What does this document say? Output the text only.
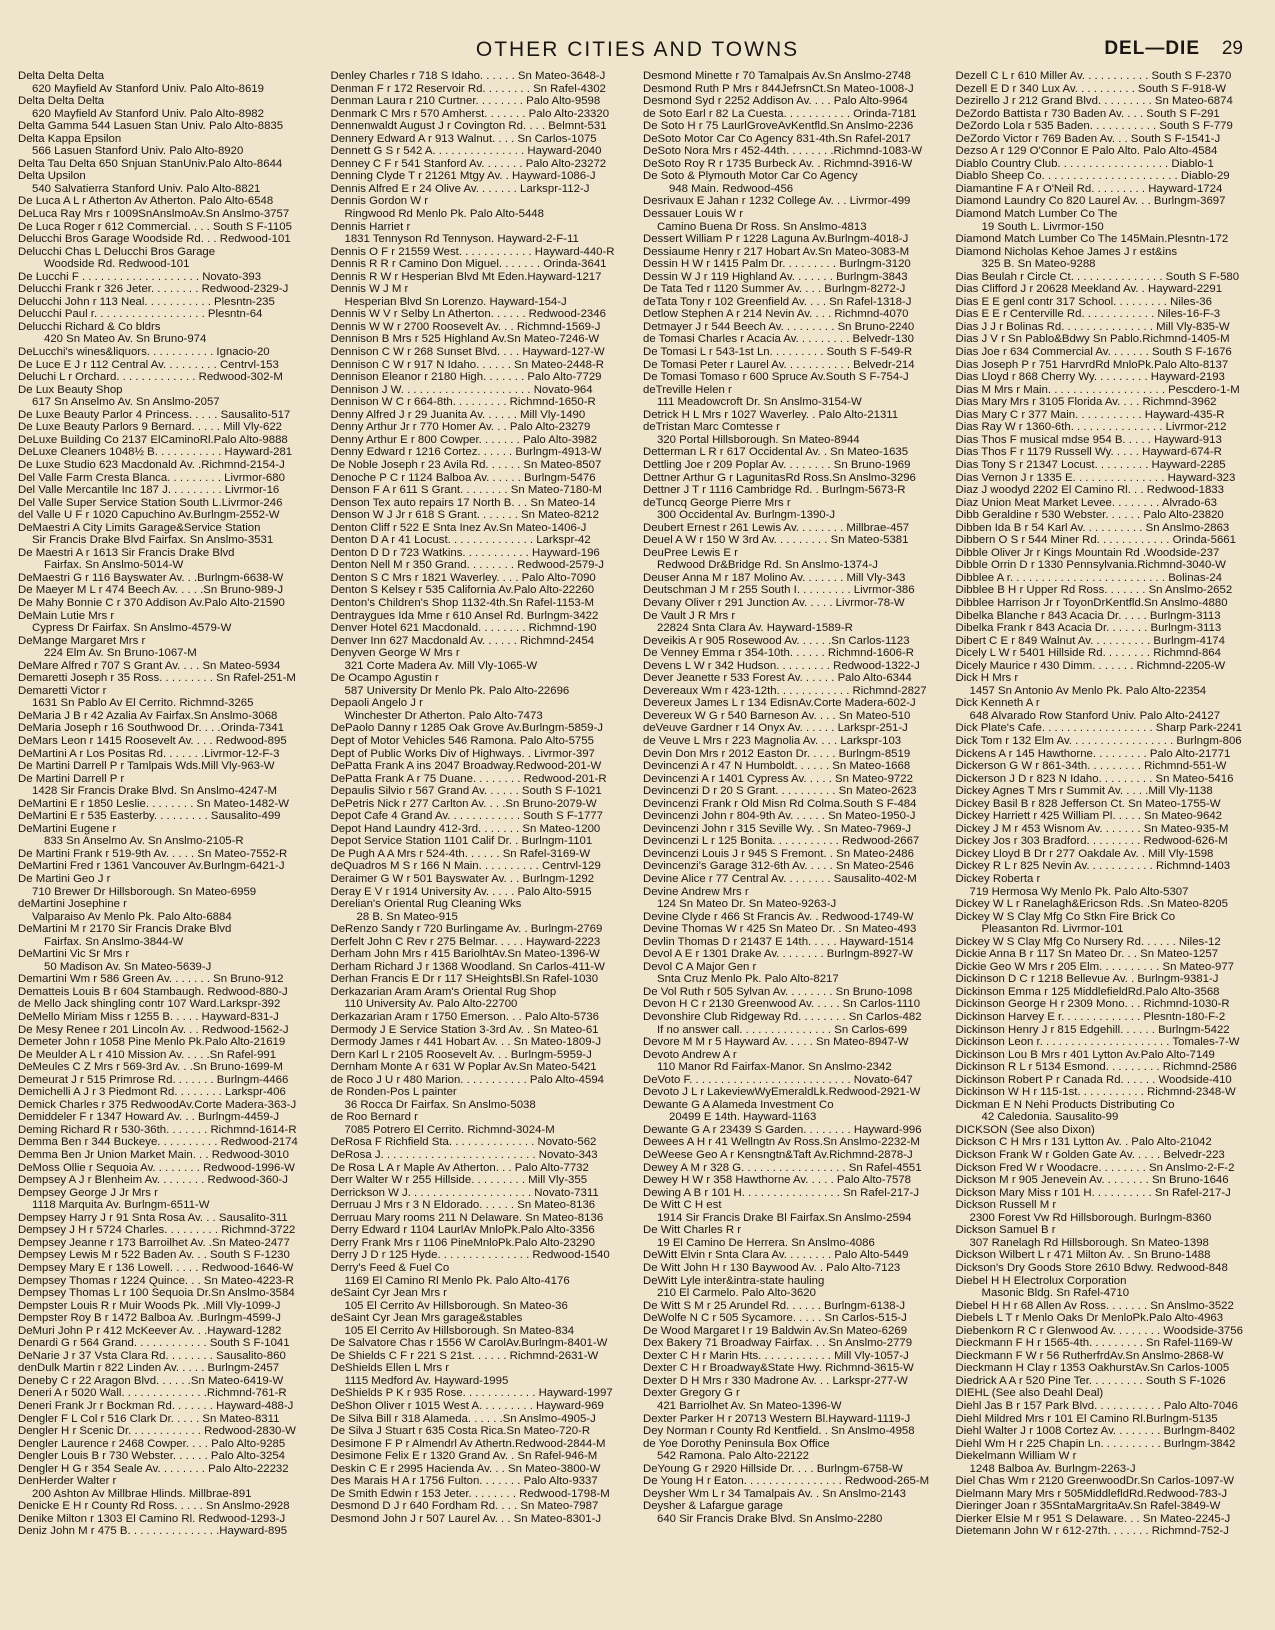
OTHER CITIES AND TOWNS	DEL—DIE 29
Delta Delta Delta
620 Mayfield Av Stanford Univ. Palo Alto-8619
Delta Delta Delta
620 Mayfield Av Stanford Univ. Palo Alto-8982
Delta Gamma 544 Lasuen Stan Univ. Palo Alto-8835
Delta Kappa Epsilon
566 Lasuen Stanford Univ. Palo Alto-8920
Delta Tau Delta 650 Snjuan StanUniv.Palo Alto-8644
Delta Upsilon
540 Salvatierra Stanford Univ. Palo Alto-8821
De Luca A L r Atherton Av Atherton. Palo Alto-6548
DeLuca Ray Mrs r 1009SnAnslmoAv.Sn Anslmo-3757
De Luca Roger r 612 Commercial. . . . South S F-1105
Delucchi Bros Garage Woodside Rd. . . Redwood-101
Delucchi Chas L Delucchi Bros Garage
Woodside Rd. Redwood-101
De Lucchi F . . . . . . . . . . . . . . . . . . . Novato-393
Delucchi Frank r 326 Jeter. . . . . . . . Redwood-2329-J
Delucchi John r 113 Neal. . . . . . . . . . . Plesntn-235
Delucchi Paul r. . . . . . . . . . . . . . . . . . Plesntn-64
Delucchi Richard & Co bldrs
420 Sn Mateo Av. Sn Bruno-974
DeLucchi's wines&liquors. . . . . . . . . . . Ignacio-20
De Luce E J r 112 Central Av. . . . . . . . . Centrvl-153
Deluchi L r Orchard. . . . . . . . . . . . . Redwood-302-M
De Lux Beauty Shop
617 Sn Anselmo Av. Sn Anslmo-2057
De Luxe Beauty Parlor 4 Princess. . . . . Sausalito-517
De Luxe Beauty Parlors 9 Bernard. . . . . Mill Vly-622
DeLuxe Building Co 2137 ElCaminoRl.Palo Alto-9888
DeLuxe Cleaners 1048½ B. . . . . . . . . . . Hayward-281
De Luxe Studio 623 Macdonald Av. .Richmnd-2154-J
Del Valle Farm Cresta Blanca. . . . . . . . . Livrmor-680
Del Valle Mercantile Inc 187 J. . . . . . . . . Livrmor-16
Del Valle Super Service Station South L.Livrmor-246
del Valle U F r 1020 Capuchino Av.Burlngm-2552-W
DeMaestri A City Limits Garage&Service Station
Sir Francis Drake Blvd Fairfax. Sn Anslmo-3531
De Maestri A r 1613 Sir Francis Drake Blvd
Fairfax. Sn Anslmo-5014-W
DeMaestri G r 116 Bayswater Av. . .Burlngm-6638-W
De Maeyer M L r 474 Beech Av. . . . .Sn Bruno-989-J
De Mahy Bonnie C r 370 Addison Av.Palo Alto-21590
DeMain Lutie Mrs r
Cypress Dr Fairfax. Sn Anslmo-4579-W
DeMange Margaret Mrs r
224 Elm Av. Sn Bruno-1067-M
DeMare Alfred r 707 S Grant Av. . . . Sn Mateo-5934
Demaretti Joseph r 35 Ross. . . . . . . . . Sn Rafel-251-M
Demaretti Victor r
1631 Sn Pablo Av El Cerrito. Richmnd-3265
DeMaria J B r 42 Azalia Av Fairfax.Sn Anslmo-3068
DeMaria Joseph r 16 Southwood Dr. . . .Orinda-7341
DeMars Leon r 1415 Roosevelt Av. . . . Redwood-895
DeMartini A r Los Positas Rd. . . . . . .Livrmor-12-F-3
De Martini Darrell P r Tamlpais Wds.Mill Vly-963-W
De Martini Darrell P r
1428 Sir Francis Drake Blvd. Sn Anslmo-4247-M
DeMartini E r 1850 Leslie. . . . . . . . Sn Mateo-1482-W
DeMartini E r 535 Easterby. . . . . . . . . Sausalito-499
DeMartini Eugene r
833 Sn Anselmo Av. Sn Anslmo-2105-R
De Martini Frank r 519-9th Av. . . . . Sn Mateo-7552-R
DeMartini Fred r 1361 Vancouver Av.Burlngm-6421-J
De Martini Geo J r
710 Brewer Dr Hillsborough. Sn Mateo-6959
deMartini Josephine r
Valparaiso Av Menlo Pk. Palo Alto-6884
DeMartini M r 2170 Sir Francis Drake Blvd
Fairfax. Sn Anslmo-3844-W
DeMartini Vic Sr Mrs r
50 Madison Av. Sn Mateo-5639-J
Demartini Wm r 586 Green Av. . . . . . . Sn Bruno-912
Dematteis Louis B r 604 Stambaugh. Redwood-880-J
de Mello Jack shingling contr 107 Ward.Larkspr-392
DeMello Miriam Miss r 1255 B. . . . . Hayward-831-J
De Mesy Renee r 201 Lincoln Av. . . Redwood-1562-J
Demeter John r 1058 Pine Menlo Pk.Palo Alto-21619
De Meulder A L r 410 Mission Av. . . . .Sn Rafel-991
DeMeules C Z Mrs r 569-3rd Av. . .Sn Bruno-1699-M
Demeurat J r 515 Primrose Rd. . . . . . . Burlngm-4466
Demichelli A J r 3 Piedmont Rd. . . . . . . . Larkspr-406
Demick Charles r 375 RedwoodAv.Corte Madera-363-J
Demiddeler F r 1347 Howard Av. . . Burlngm-4459-J
Deming Richard R r 530-36th. . . . . . . Richmnd-1614-R
Demma Ben r 344 Buckeye. . . . . . . . . . Redwood-2174
Demma Ben Jr Union Market Main. . . Redwood-3010
DeMoss Ollie r Sequoia Av. . . . . . . . Redwood-1996-W
Dempsey A J r Blenheim Av. . . . . . . . Redwood-360-J
Dempsey George J Jr Mrs r
1118 Marquita Av. Burlngm-6511-W
Dempsey Harry J r 91 Snta Rosa Av. . . Sausalito-311
Dempsey J H r 5724 Charles. . . . . . . . . Richmnd-3722
Dempsey Jeanne r 173 Barroilhet Av. .Sn Mateo-2477
Dempsey Lewis M r 522 Baden Av. . . South S F-1230
Dempsey Mary E r 136 Lowell. . . . . Redwood-1646-W
Dempsey Thomas r 1224 Quince. . . Sn Mateo-4223-R
Dempsey Thomas L r 100 Sequoia Dr.Sn Anslmo-3584
Dempster Louis R r Muir Woods Pk. .Mill Vly-1099-J
Dempster Roy B r 1472 Balboa Av. .Burlngm-4599-J
DeMuri John P r 412 McKeever Av. . .Hayward-1282
Denardi G r 564 Grand. . . . . . . . . . . . South S F-1041
DeNarie J r 37 Vsta Clara Rd. . . . . . . . Sausalito-860
denDulk Martin r 822 Linden Av. . . . . Burlngm-2457
Deneby C r 22 Aragon Blvd. . . . . .Sn Mateo-6419-W
Deneri A r 5020 Wall. . . . . . . . . . . . . .Richmnd-761-R
Deneri Frank Jr r Bockman Rd. . . . . . . Hayward-488-J
Dengler F L Col r 516 Clark Dr. . . . . Sn Mateo-8311
Dengler H r Scenic Dr. . . . . . . . . . . . Redwood-2830-W
Dengler Laurence r 2468 Cowper. . . . Palo Alto-9285
Dengler Louis B r 730 Webster. . . . . . Palo Alto-3254
Dengler H G r 354 Seale Av. . . . . . . . Palo Alto-22232
DenHerder Walter r
200 Ashton Av Millbrae Hlinds. Millbrae-891
Denicke E H r County Rd Ross. . . . . Sn Anslmo-2928
Denike Milton r 1303 El Camino Rl. Redwood-1293-J
Deniz John M r 475 B. . . . . . . . . . . . . . .Hayward-895
Denley Charles r 718 S Idaho. . . . . . Sn Mateo-3648-J
Denman F r 172 Reservoir Rd. . . . . . . . Sn Rafel-4302
Denman Laura r 210 Curtner. . . . . . . . Palo Alto-9598
Denmark C Mrs r 570 Amherst. . . . . . . Palo Alto-23320
Dennenwaldt August J r Covington Rd. . . . Belmnt-531
Dennery Edward A r 913 Walnut. . . . Sn Carlos-1075
Dennett G S r 542 A. . . . . . . . . . . . . . . Hayward-2040
Denney C F r 541 Stanford Av. . . . . . . Palo Alto-23272
Denning Clyde T r 21261 Mtgy Av. . Hayward-1086-J
Dennis Alfred E r 24 Olive Av. . . . . . . Larkspr-112-J
Dennis Gordon W r
Ringwood Rd Menlo Pk. Palo Alto-5448
Dennis Harriet r
1831 Tennyson Rd Tennyson. Hayward-2-F-11
Dennis O F r 21559 West. . . . . . . . . . . . Hayward-440-R
Dennis R R r Camino Don Miguel. . . . . . . Orinda-3641
Dennis R W r Hesperian Blvd Mt Eden.Hayward-1217
Dennis W J M r
Hesperian Blvd Sn Lorenzo. Hayward-154-J
Dennis W V r Selby Ln Atherton. . . . . . Redwood-2346
Dennis W W r 2700 Roosevelt Av. . . Richmnd-1569-J
Dennison B Mrs r 525 Highland Av.Sn Mateo-7246-W
Dennison C W r 268 Sunset Blvd. . . . Hayward-127-W
Dennison C W r 917 N Idaho. . . . . . Sn Mateo-2448-R
Dennison Eleanor r 2180 High. . . . . . . Palo Alto-7729
Dennison J W. . . . . . . . . . . . . . . . . . . . . Novato-964
Dennison W C r 664-8th. . . . . . . . . Richmnd-1650-R
Denny Alfred J r 29 Juanita Av. . . . . . Mill Vly-1490
Denny Arthur Jr r 770 Homer Av. . . Palo Alto-23279
Denny Arthur E r 800 Cowper. . . . . . . Palo Alto-3982
Denny Edward r 1216 Cortez. . . . . . Burlngm-4913-W
De Noble Joseph r 23 Avila Rd. . . . . . Sn Mateo-8507
Denoche P C r 1124 Balboa Av. . . . . . Burlngm-5476
Denson F A r 611 S Grant. . . . . . . . Sn Mateo-7180-M
Denson Tex auto repairs 17 North B. . . Sn Mateo-14
Denson W J Jr r 618 S Grant. . . . . . . Sn Mateo-8212
Denton Cliff r 522 E Snta Inez Av.Sn Mateo-1406-J
Denton D A r 41 Locust. . . . . . . . . . . . . . Larkspr-42
Denton D D r 723 Watkins. . . . . . . . . . . Hayward-196
Denton Nell M r 350 Grand. . . . . . . . Redwood-2579-J
Denton S C Mrs r 1821 Waverley. . . . Palo Alto-7090
Denton S Kelsey r 535 California Av.Palo Alto-22260
Denton's Children's Shop 1132-4th.Sn Rafel-1153-M
Dentraygues Ida Mme r 610 Ansel Rd. Burlngm-3422
Denver Hotel 621 Macdonald. . . . . . . . Richmnd-190
Denver Inn 627 Macdonald Av. . . . . . Richmnd-2454
Denyven George W Mrs r
321 Corte Madera Av. Mill Vly-1065-W
De Ocampo Agustin r
587 University Dr Menlo Pk. Palo Alto-22696
Depaoli Angelo J r
Winchester Dr Atherton. Palo Alto-7473
DePaolo Danny r 1285 Oak Grove Av.Burlngm-5859-J
Dept of Motor Vehicles 546 Ramona. Palo Alto-5755
Dept of Public Works Div of Highways. . Livrmor-397
DePatta Frank A ins 2047 Broadway.Redwood-201-W
DePatta Frank A r 75 Duane. . . . . . . . Redwood-201-R
Depaulis Silvio r 567 Grand Av. . . . . . South S F-1021
DePetris Nick r 277 Carlton Av. . . .Sn Bruno-2079-W
Depot Cafe 4 Grand Av. . . . . . . . . . . . South S F-1777
Depot Hand Laundry 412-3rd. . . . . . . Sn Mateo-1200
Depot Service Station 1101 Calif Dr. . Burlngm-1101
De Pugh A A Mrs r 524-4th. . . . . . Sn Rafel-3169-W
deQuadros M S r 166 N Main. . . . . . . . . . Centrvl-129
Deraimer G W r 501 Bayswater Av. . . Burlngm-1292
Deray E V r 1914 University Av. . . . . Palo Alto-5915
Derelian's Oriental Rug Cleaning Wks
28 B. Sn Mateo-915
DeRenzo Sandy r 720 Burlingame Av. . Burlngm-2769
Derfelt John C Rev r 275 Belmar. . . . . Hayward-2223
Derham John Mrs r 415 BariolhtAv.Sn Mateo-1396-W
Derham Richard J r 1368 Woodland. Sn Carlos-411-W
Derhan Francis E Dr r 117 SHeightsBl.Sn Rafel-1030
Derkazarian Aram Aram's Oriental Rug Shop
110 University Av. Palo Alto-22700
Derkazarian Aram r 1750 Emerson. . . Palo Alto-5736
Dermody J E Service Station 3-3rd Av. . Sn Mateo-61
Dermody James r 441 Hobart Av. . . Sn Mateo-1809-J
Dern Karl L r 2105 Roosevelt Av. . . Burlngm-5959-J
Dernham Monte A r 631 W Poplar Av.Sn Mateo-5421
de Roco J U r 480 Marion. . . . . . . . . . . Palo Alto-4594
de Ronden-Pos L painter
36 Rocca Dr Fairfax. Sn Anslmo-5038
de Roo Bernard r
7085 Potrero El Cerrito. Richmnd-3024-M
DeRosa F Richfield Sta. . . . . . . . . . . . . . Novato-562
DeRosa J. . . . . . . . . . . . . . . . . . . . . . . . . Novato-343
De Rosa L A r Maple Av Atherton. . . Palo Alto-7732
Derr Walter W r 255 Hillside. . . . . . . . . Mill Vly-355
Derrickson W J. . . . . . . . . . . . . . . . . . . . Novato-7311
Derruau J Mrs r 3 N Eldorado. . . . . . Sn Mateo-8136
Derruau Mary rooms 211 N Delaware. Sn Mateo-8136
Derry Edward r 1104 LaurlAv MnloPk.Palo Alto-3356
Derry Frank Mrs r 1106 PineMnloPk.Palo Alto-23290
Derry J D r 125 Hyde. . . . . . . . . . . . . . . Redwood-1540
Derry's Feed & Fuel Co
1169 El Camino Rl Menlo Pk. Palo Alto-4176
deSaint Cyr Jean Mrs r
105 El Cerrito Av Hillsborough. Sn Mateo-36
deSaint Cyr Jean Mrs garage&stables
105 El Cerrito Av Hillsborough. Sn Mateo-834
De Salvatore Chas r 1556 W CarolAv.Burlngm-8401-W
De Shields C F r 221 S 21st. . . . . . Richmnd-2631-W
DeShields Ellen L Mrs r
1115 Medford Av. Hayward-1995
DeShields P K r 935 Rose. . . . . . . . . . . . Hayward-1997
DeShon Oliver r 1015 West A. . . . . . . . . Hayward-969
De Silva Bill r 318 Alameda. . . . . .Sn Anslmo-4905-J
De Silva J Stuart r 635 Costa Rica.Sn Mateo-720-R
Desimone F P r Almendrl Av Athertn.Redwood-2844-M
Desimone Felix E r 1320 Grand Av. . Sn Rafel-946-M
Deskin C E r 2995 Hacienda Av. . . Sn Mateo-3800-W
Des Marais H A r 1756 Fulton. . . . . . . Palo Alto-9337
De Smith Edwin r 153 Jeter. . . . . . . . Redwood-1798-M
Desmond D J r 640 Fordham Rd. . . . Sn Mateo-7987
Desmond John J r 507 Laurel Av. . . Sn Mateo-8301-J
Desmond Minette r 70 Tamalpais Av.Sn Anslmo-2748
Desmond Ruth P Mrs r 844JefrsnCt.Sn Mateo-1008-J
Desmond Syd r 2252 Addison Av. . . . Palo Alto-9964
de Soto Earl r 82 La Cuesta. . . . . . . . . . . Orinda-7181
De Soto H r 75 LaurlGroveAvKentfld.Sn Anslmo-2236
DeSoto Motor Car Co Agency 831-4th.Sn Rafel-2017
DeSoto Nora Mrs r 452-44th. . . . . . . .Richmnd-1083-W
DeSoto Roy R r 1735 Burbeck Av. . Richmnd-3916-W
De Soto & Plymouth Motor Car Co Agency
948 Main. Redwood-456
Desrivaux E Jahan r 1232 College Av. . . Livrmor-499
Dessauer Louis W r
Camino Buena Dr Ross. Sn Anslmo-4813
Dessert William P r 1228 Laguna Av.Burlngm-4018-J
Dessiaume Henry r 217 Hobart Av.Sn Mateo-3083-M
Dessin H W r 1415 Palm Dr. . . . . . . . . Burlngm-3120
Dessin W J r 119 Highland Av. . . . . . . Burlngm-3843
De Tata Ted r 1120 Summer Av. . . . Burlngm-8272-J
deTata Tony r 102 Greenfield Av. . . . Sn Rafel-1318-J
Detlow Stephen A r 214 Nevin Av. . . . Richmnd-4070
Detmayer J r 544 Beech Av. . . . . . . . . Sn Bruno-2240
de Tomasi Charles r Acacia Av. . . . . . . . . Belvedr-130
De Tomasi L r 543-1st Ln. . . . . . . . . South S F-549-R
De Tomasi Peter r Laurel Av. . . . . . . . . . . Belvedr-214
De Tomasi Tomaso r 600 Spruce Av.South S F-754-J
deTreville Helen r
111 Meadowcroft Dr. Sn Anslmo-3154-W
Detrick H L Mrs r 1027 Waverley. . Palo Alto-21311
deTristan Marc Comtesse r
320 Portal Hillsborough. Sn Mateo-8944
Detterman L R r 617 Occidental Av. . Sn Mateo-1635
Dettling Joe r 209 Poplar Av. . . . . . . . Sn Bruno-1969
Dettner Arthur G r LagunitasRd Ross.Sn Anslmo-3296
Dettner J T r 1116 Cambridge Rd. . Burlngm-5673-R
deTuncq George Pierre Mrs r
300 Occidental Av. Burlngm-1390-J
Deubert Ernest r 261 Lewis Av. . . . . . . . Millbrae-457
Deuel A W r 150 W 3rd Av. . . . . . . . . Sn Mateo-5381
DeuPree Lewis E r
Redwood Dr&Bridge Rd. Sn Anslmo-1374-J
Deuser Anna M r 187 Molino Av. . . . . . . Mill Vly-343
Deutschman J M r 255 South I. . . . . . . . . Livrmor-386
Devany Oliver r 291 Junction Av. . . . . Livrmor-78-W
De Vault J R Mrs r
22824 Snta Clara Av. Hayward-1589-R
Deveikis A r 905 Rosewood Av. . . . . .Sn Carlos-1123
De Venney Emma r 354-10th. . . . . . Richmnd-1606-R
Devens L W r 342 Hudson. . . . . . . . . Redwood-1322-J
Dever Jeanette r 533 Forest Av. . . . . . Palo Alto-6344
Devereaux Wm r 423-12th. . . . . . . . . . . . Richmnd-2827
Devereux James L r 134 EdisnAv.Corte Madera-602-J
Devereux W G r 540 Barneson Av. . . . Sn Mateo-510
deVeuve Gardner r 14 Onyx Av. . . . . . Larkspr-251-J
de Veuve L Mrs r 223 Magnolia Av. . . . Larkspr-103
Devin Don Mrs r 2012 Easton Dr. . . . . Burlngm-8519
Devincenzi A r 47 N Humboldt. . . . . . Sn Mateo-1668
Devincenzi A r 1401 Cypress Av. . . . . Sn Mateo-9722
Devincenzi D r 20 S Grant. . . . . . . . . . Sn Mateo-2623
Devincenzi Frank r Old Misn Rd Colma.South S F-484
Devincenzi John r 804-9th Av. . . . . . Sn Mateo-1950-J
Devincenzi John r 315 Seville Wy. . Sn Mateo-7969-J
Devincenzi L r 125 Bonita. . . . . . . . . . . Redwood-2667
Devincenzi Louis J r 945 S Fremont. . Sn Mateo-2486
Devincenzi's Garage 312-6th Av. . . . . Sn Mateo-2546
Devine Alice r 77 Central Av. . . . . . . . Sausalito-402-M
Devine Andrew Mrs r
124 Sn Mateo Dr. Sn Mateo-9263-J
Devine Clyde r 466 St Francis Av. . Redwood-1749-W
Devine Thomas W r 425 Sn Mateo Dr. . Sn Mateo-493
Devlin Thomas D r 21437 E 14th. . . . . Hayward-1514
Devol A E r 1301 Drake Av. . . . . . . . Burlngm-8927-W
Devol C A Major Gen r
Snta Cruz Menlo Pk. Palo Alto-8217
De Vol Ruth r 505 Sylvan Av. . . . . . . . Sn Bruno-1098
Devon H C r 2130 Greenwood Av. . . . . Sn Carlos-1110
Devonshire Club Ridgeway Rd. . . . . . . . Sn Carlos-482
If no answer call. . . . . . . . . . . . . . . Sn Carlos-699
Devore M M r 5 Hayward Av. . . . . Sn Mateo-8947-W
Devoto Andrew A r
110 Manor Rd Fairfax-Manor. Sn Anslmo-2342
DeVoto F. . . . . . . . . . . . . . . . . . . . . . . . . . Novato-647
Devoto J L r LakeviewWyEmeraldLk.Redwood-2921-W
Dewante G A Alameda Investment Co
20499 E 14th. Hayward-1163
Dewante G A r 23439 S Garden. . . . . . . . Hayward-996
Dewees A H r 41 Wellngtn Av Ross.Sn Anslmo-2232-M
DeWeese Geo A r Kensngtn&Taft Av.Richmnd-2878-J
Dewey A M r 328 G. . . . . . . . . . . . . . . . . Sn Rafel-4551
Dewey H W r 358 Hawthorne Av. . . . . Palo Alto-7578
Dewing A B r 101 H. . . . . . . . . . . . . . . . Sn Rafel-217-J
De Witt C H est
1914 Sir Francis Drake Bl Fairfax.Sn Anslmo-2594
De Witt Charles R r
19 El Camino De Herrera. Sn Anslmo-4086
DeWitt Elvin r Snta Clara Av. . . . . . . . Palo Alto-5449
De Witt John H r 130 Baywood Av. . Palo Alto-7123
DeWitt Lyle inter&intra-state hauling
210 El Carmelo. Palo Alto-3620
De Witt S M r 25 Arundel Rd. . . . . . Burlngm-6138-J
DeWolfe N C r 505 Sycamore. . . . . Sn Carlos-515-J
De Wood Margaret I r 19 Baldwin Av.Sn Mateo-6269
Dex Bakery 71 Broadway Fairfax. . . Sn Anslmo-2779
Dexter C H r Marin Hts. . . . . . . . . . . . Mill Vly-1057-J
Dexter C H r Broadway&State Hwy. Richmnd-3615-W
Dexter D H Mrs r 330 Madrone Av. . . Larkspr-277-W
Dexter Gregory G r
421 Barriolhet Av. Sn Mateo-1396-W
Dexter Parker H r 20713 Western Bl.Hayward-1119-J
Dey Norman r County Rd Kentfield. . Sn Anslmo-4958
de Yoe Dorothy Peninsula Box Office
542 Ramona. Palo Alto-22122
DeYoung G r 2920 Hillside Dr. . . . Burlngm-6758-W
De Young H r Eaton. . . . . . . . . . . . . . . . Redwood-265-M
Deysher Wm L r 34 Tamalpais Av. . Sn Anslmo-2143
Deysher & Lafargue garage
640 Sir Francis Drake Blvd. Sn Anslmo-2280
Dezell C L r 610 Miller Av. . . . . . . . . . . South S F-2370
Dezell E D r 340 Lux Av. . . . . . . . . . South S F-918-W
Dezirello J r 212 Grand Blvd. . . . . . . . . Sn Mateo-6874
DeZordo Battista r 730 Baden Av. . . . South S F-291
DeZordo Lola r 535 Baden. . . . . . . . . . . South S F-779
DeZordo Victor r 769 Baden Av. . . South S F-1541-J
Dezso A r 129 O'Connor E Palo Alto. Palo Alto-4584
Diablo Country Club. . . . . . . . . . . . . . . . . . Diablo-1
Diablo Sheep Co. . . . . . . . . . . . . . . . . . . . . . Diablo-29
Diamantine F A r O'Neil Rd. . . . . . . . . Hayward-1724
Diamond Laundry Co 820 Laurel Av. . . Burlngm-3697
Diamond Match Lumber Co The
19 South L. Livrmor-150
Diamond Match Lumber Co The 145Main.Plesntn-172
Diamond Nicholas Kehoe James J r est&ins
325 B. Sn Mateo-9288
Dias Beulah r Circle Ct. . . . . . . . . . . . . . . South S F-580
Dias Clifford J r 20628 Meekland Av. . Hayward-2291
Dias E E genl contr 317 School. . . . . . . . . Niles-36
Dias E E r Centerville Rd. . . . . . . . . . . . Niles-16-F-3
Dias J J r Bolinas Rd. . . . . . . . . . . . . . . Mill Vly-835-W
Dias J V r Sn Pablo&Bdwy Sn Pablo.Richmnd-1405-M
Dias Joe r 634 Commercial Av. . . . . . . South S F-1676
Dias Joseph P r 751 HarvrdRd MnloPk.Palo Alto-8137
Dias Lloyd r 868 Cherry Wy. . . . . . . . . Hayward-2193
Dias M Mrs r Main. . . . . . . . . . . . . . . . . . . Pescdero-1-M
Dias Mary Mrs r 3105 Florida Av. . . . Richmnd-3962
Dias Mary C r 377 Main. . . . . . . . . . . Hayward-435-R
Dias Ray W r 1360-6th. . . . . . . . . . . . . . . Livrmor-212
Dias Thos F musical mdse 954 B. . . . . Hayward-913
Dias Thos F r 1179 Russell Wy. . . . . Hayward-674-R
Dias Tony S r 21347 Locust. . . . . . . . . Hayward-2285
Dias Vernon J r 1335 E. . . . . . . . . . . . . . . Hayward-323
Diaz J woodyd 2202 El Camino Rl. . . Redwood-1833
Diaz Union Meat Market Levee. . . . . . . . Alvrado-63
Dibb Geraldine r 530 Webster. . . . . . Palo Alto-23820
Dibben Ida B r 54 Karl Av. . . . . . . . . . Sn Anslmo-2863
Dibbern O S r 544 Miner Rd. . . . . . . . . . . . Orinda-5661
Dibble Oliver Jr r Kings Mountain Rd .Woodside-237
Dibble Orrin D r 1330 Pennsylvania.Richmnd-3040-W
Dibblee A r. . . . . . . . . . . . . . . . . . . . . . . . . Bolinas-24
Dibblee B H r Upper Rd Ross. . . . . . . Sn Anslmo-2652
Dibblee Harrison Jr r ToyonDrKentfld.Sn Anslmo-4880
Dibelka Blanche r 843 Acacia Dr. . . . . Burlngm-3113
Dibelka Frank r 843 Acacia Dr. . . . . . . Burlngm-3113
Dibert C E r 849 Walnut Av. . . . . . . . . . Burlngm-4174
Dicely L W r 5401 Hillside Rd. . . . . . . . Richmnd-864
Dicely Maurice r 430 Dimm. . . . . . . Richmnd-2205-W
Dick H Mrs r
1457 Sn Antonio Av Menlo Pk. Palo Alto-22354
Dick Kenneth A r
648 Alvarado Row Stanford Univ. Palo Alto-24127
Dick Plate's Cafe. . . . . . . . . . . . . . . . . . Sharp Park-2241
Dick Tom r 132 Elm Av. . . . . . . . . . . . . . . . . Burlngm-806
Dickens A r 145 Hawthorne. . . . . . . . . Palo Alto-21771
Dickerson G W r 861-34th. . . . . . . . . Richmnd-551-W
Dickerson J D r 823 N Idaho. . . . . . . . . Sn Mateo-5416
Dickey Agnes T Mrs r Summit Av. . . . .Mill Vly-1138
Dickey Basil B r 828 Jefferson Ct. Sn Mateo-1755-W
Dickey Harriett r 425 William Pl. . . . . Sn Mateo-9642
Dickey J M r 453 Wisnom Av. . . . . . . Sn Mateo-935-M
Dickey Jos r 303 Bradford. . . . . . . . . Redwood-626-M
Dickey Lloyd B Dr r 277 Oakdale Av. . Mill Vly-1598
Dickey R L r 825 Nevin Av. . . . . . . . . . . Richmnd-1403
Dickey Roberta r
719 Hermosa Wy Menlo Pk. Palo Alto-5307
Dickey W L r Ranelagh&Ericson Rds. .Sn Mateo-8205
Dickey W S Clay Mfg Co Stkn Fire Brick Co
Pleasanton Rd. Livrmor-101
Dickey W S Clay Mfg Co Nursery Rd. . . . . . Niles-12
Dickie Anna B r 117 Sn Mateo Dr. . . Sn Mateo-1257
Dickie Geo W Mrs r 205 Elm. . . . . . . . . . Sn Mateo-977
Dickinson D C r 1218 Bellevue Av. . Burlngm-9381-J
Dickinson Emma r 125 MiddlefieldRd.Palo Alto-3568
Dickinson George H r 2309 Mono. . . Richmnd-1030-R
Dickinson Harvey E r. . . . . . . . . . . . . Plesntn-180-F-2
Dickinson Henry J r 815 Edgehill. . . . . . Burlngm-5422
Dickinson Leon r. . . . . . . . . . . . . . . . . . . . . Tomales-7-W
Dickinson Lou B Mrs r 401 Lytton Av.Palo Alto-7149
Dickinson R L r 5134 Esmond. . . . . . . . . Richmnd-2586
Dickinson Robert P r Canada Rd. . . . . . Woodside-410
Dickinson W H r 115-1st. . . . . . . . . . . Richmnd-2348-W
Dickman E N Nehi Products Distributing Co
42 Caledonia. Sausalito-99
DICKSON (See also Dixon)
Dickson C H Mrs r 131 Lytton Av. . Palo Alto-21042
Dickson Frank W r Golden Gate Av. . . . . Belvedr-223
Dickson Fred W r Woodacre. . . . . . . . Sn Anslmo-2-F-2
Dickson M r 905 Jenevein Av. . . . . . . . Sn Bruno-1646
Dickson Mary Miss r 101 H. . . . . . . . . . Sn Rafel-217-J
Dickson Russell M r
2300 Forest Vw Rd Hillsborough. Burlngm-8360
Dickson Samuel B r
307 Ranelagh Rd Hillsborough. Sn Mateo-1398
Dickson Wilbert L r 471 Milton Av. . Sn Bruno-1488
Dickson's Dry Goods Store 2610 Bdwy. Redwood-848
Diebel H H Electrolux Corporation
Masonic Bldg. Sn Rafel-4710
Diebel H H r 68 Allen Av Ross. . . . . . . Sn Anslmo-3522
Diebels L T r Menlo Oaks Dr MenloPk.Palo Alto-4963
Diebenkorn R C r Glenwood Av. . . . . . . . Woodside-3756
Dieckmann F H r 1565-4th. . . . . . . . . Sn Rafel-1169-W
Dieckmann F W r 56 RutherfrdAv.Sn Anslmo-2868-W
Dieckmann H Clay r 1353 OakhurstAv.Sn Carlos-1005
Diedrick A A r 520 Pine Ter. . . . . . . . . South S F-1026
DIEHL (See also Deahl Deal)
Diehl Jas B r 157 Park Blvd. . . . . . . . . . . Palo Alto-7046
Diehl Mildred Mrs r 101 El Camino Rl.Burlngm-5135
Diehl Walter J r 1008 Cortez Av. . . . . . . . Burlngm-8402
Diehl Wm H r 225 Chapin Ln. . . . . . . . . . Burlngm-3842
Diekelmann William W r
1248 Balboa Av. Burlngm-2263-J
Diel Chas Wm r 2120 GreenwoodDr.Sn Carlos-1097-W
Dielmann Mary Mrs r 505MiddlefldRd.Redwood-783-J
Dieringer Joan r 35SntaMargritaAv.Sn Rafel-3849-W
Dierker Elsie M r 951 S Delaware. . . Sn Mateo-2245-J
Dietemann John W r 612-27th. . . . . . . Richmnd-752-J
